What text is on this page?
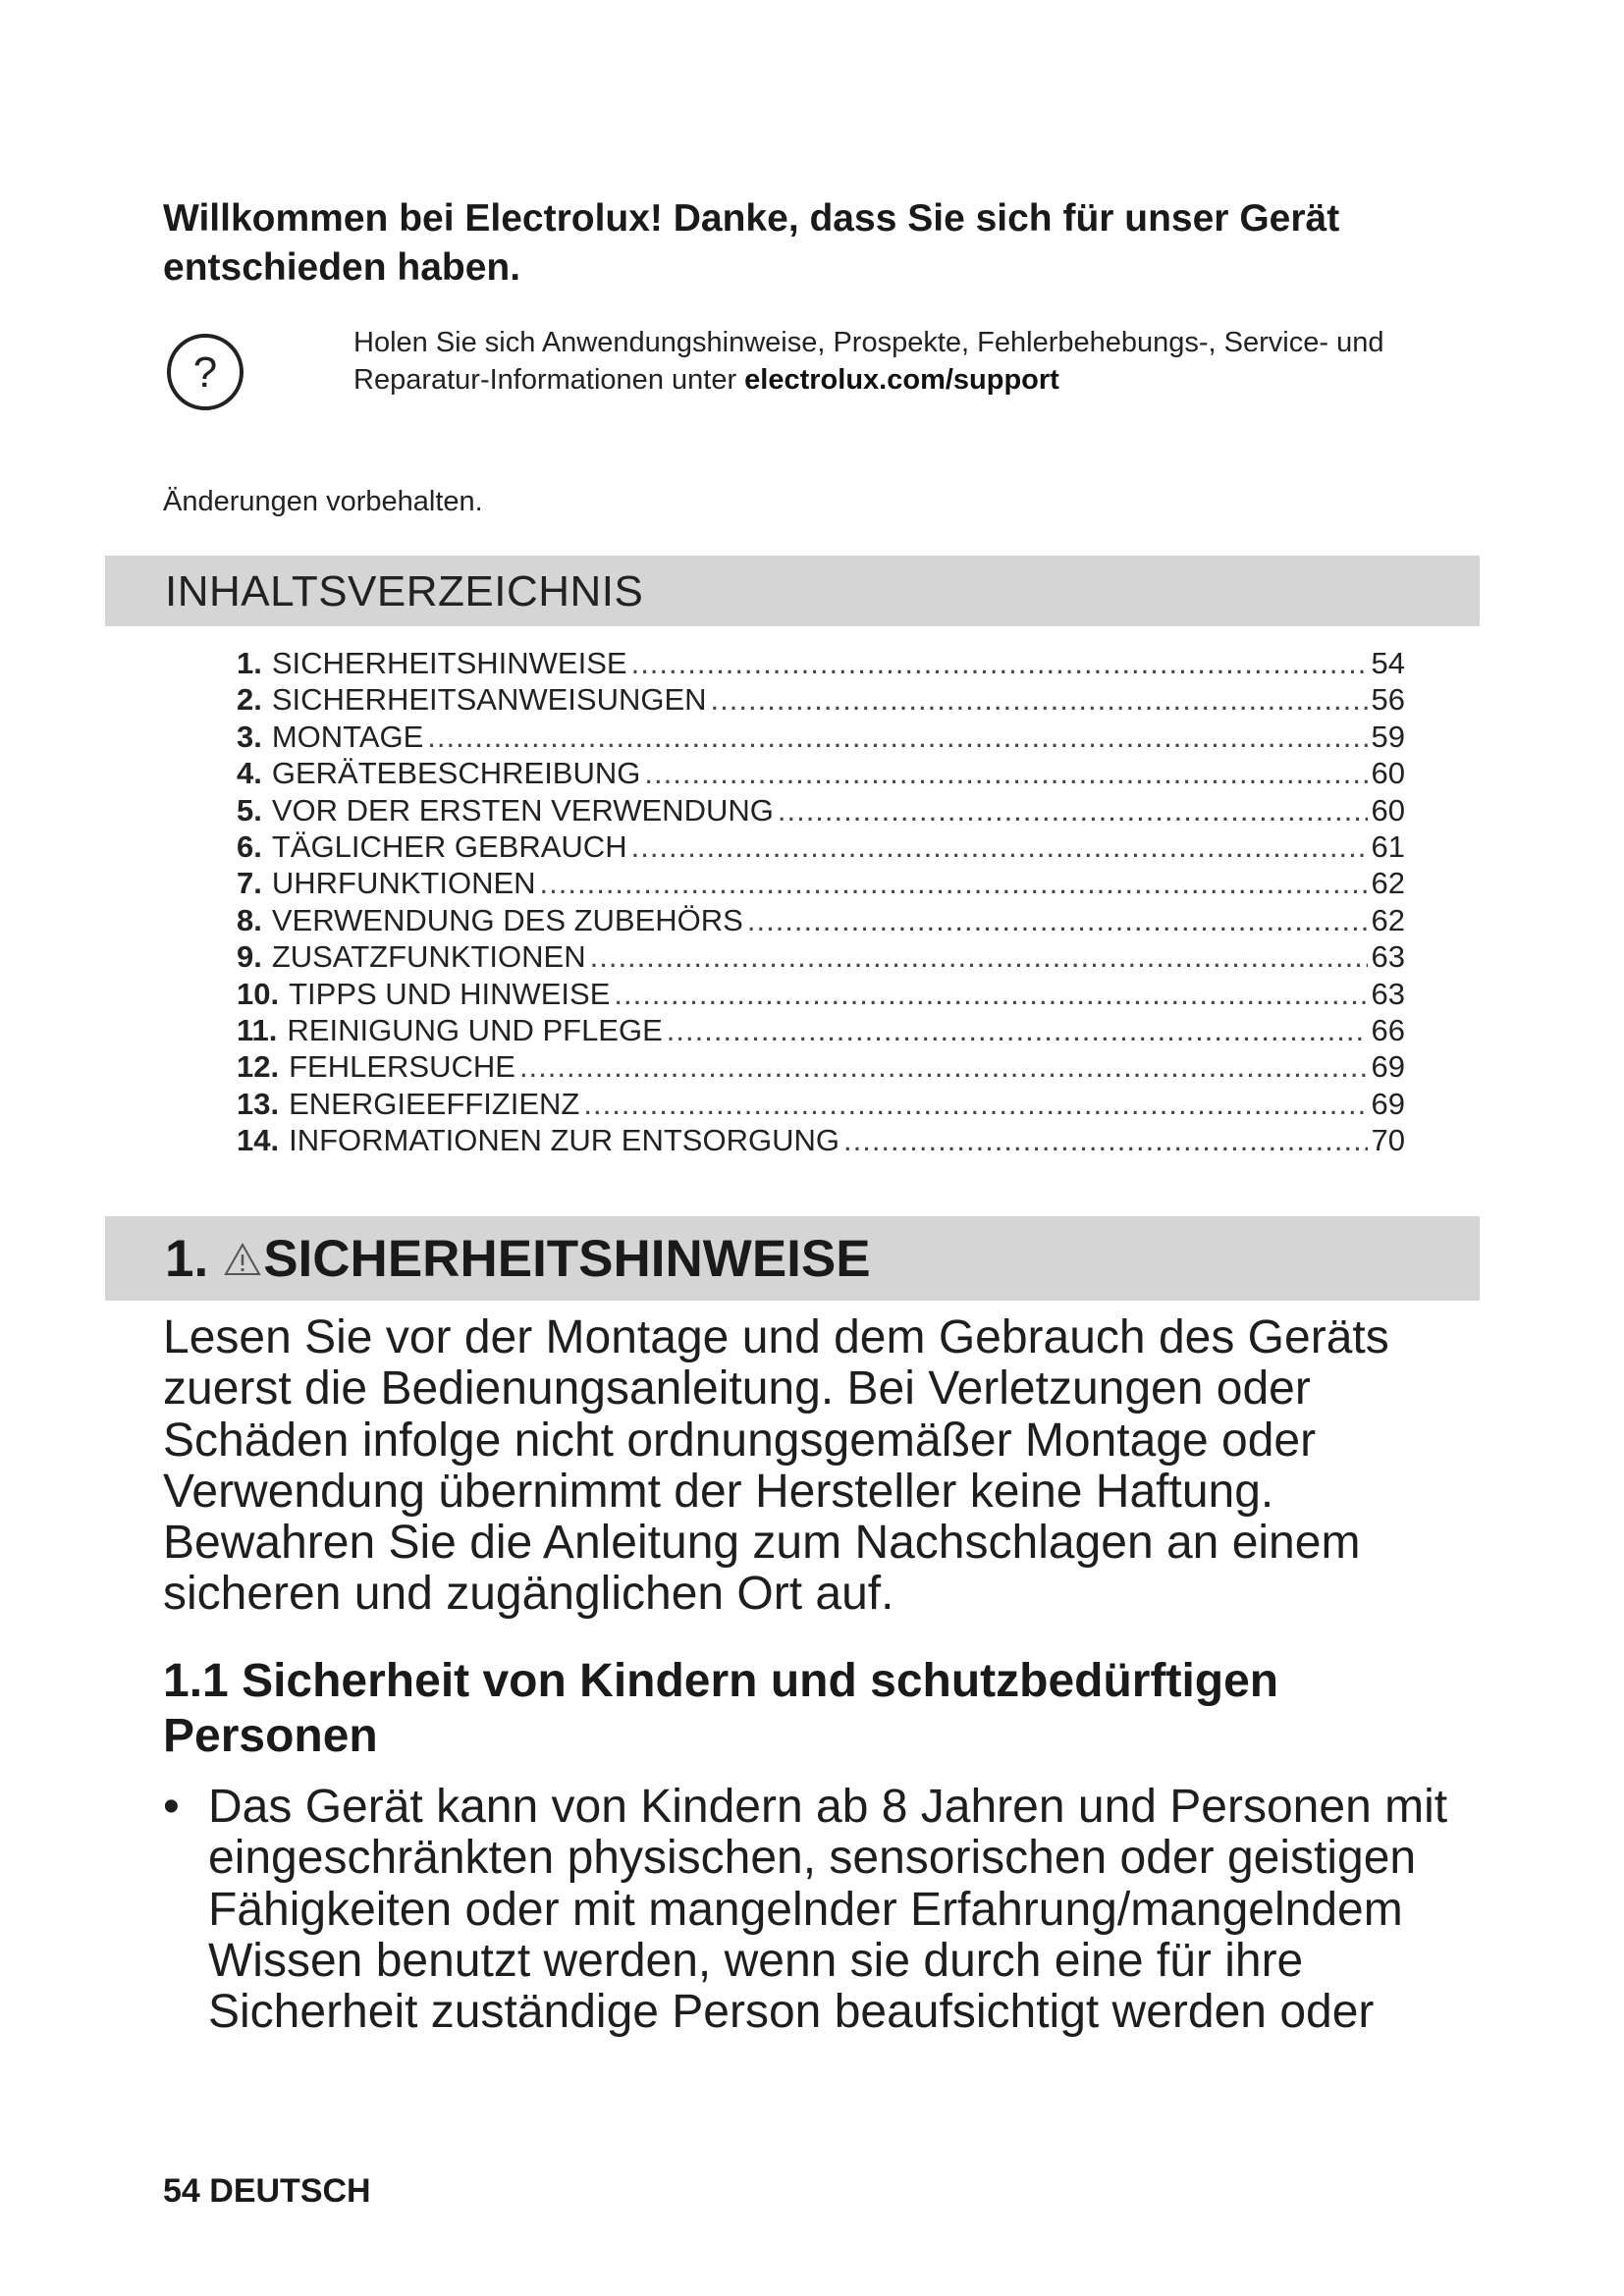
Willkommen bei Electrolux! Danke, dass Sie sich für unser Gerät entschieden haben.

?

Holen Sie sich Anwendungshinweise, Prospekte, Fehlerbehebungs-, Service- und Reparatur-Informationen unter electrolux.com/support

Änderungen vorbehalten.

INHALTSVERZEICHNIS
1. SICHERHEITSHINWEISE .....	54
2. SICHERHEITSANWEISUNGEN .....	56
3. MONTAGE .....	59
4. GERÄTEBESCHREIBUNG .....	60
5. VOR DER ERSTEN VERWENDUNG .....	60
6. TÄGLICHER GEBRAUCH .....	61
7. UHRFUNKTIONEN .....	62
8. VERWENDUNG DES ZUBEHÖRS .....	62
9. ZUSATZFUNKTIONEN .....	63
10. TIPPS UND HINWEISE .....	63
11. REINIGUNG UND PFLEGE .....	66
12. FEHLERSUCHE .....	69
13. ENERGIEEFFIZIENZ .....	69
14. INFORMATIONEN ZUR ENTSORGUNG .....	70
1. SICHERHEITSHINWEISE

Lesen Sie vor der Montage und dem Gebrauch des Geräts zuerst die Bedienungsanleitung. Bei Verletzungen oder Schäden infolge nicht ordnungsgemäßer Montage oder Verwendung übernimmt der Hersteller keine Haftung. Bewahren Sie die Anleitung zum Nachschlagen an einem sicheren und zugänglichen Ort auf.

1.1 Sicherheit von Kindern und schutzbedürftigen Personen
• Das Gerät kann von Kindern ab 8 Jahren und Personen mit eingeschränkten physischen, sensorischen oder geistigen Fähigkeiten oder mit mangelnder Erfahrung/mangelndem Wissen benutzt werden, wenn sie durch eine für ihre Sicherheit zuständige Person beaufsichtigt werden oder

54 DEUTSCH
